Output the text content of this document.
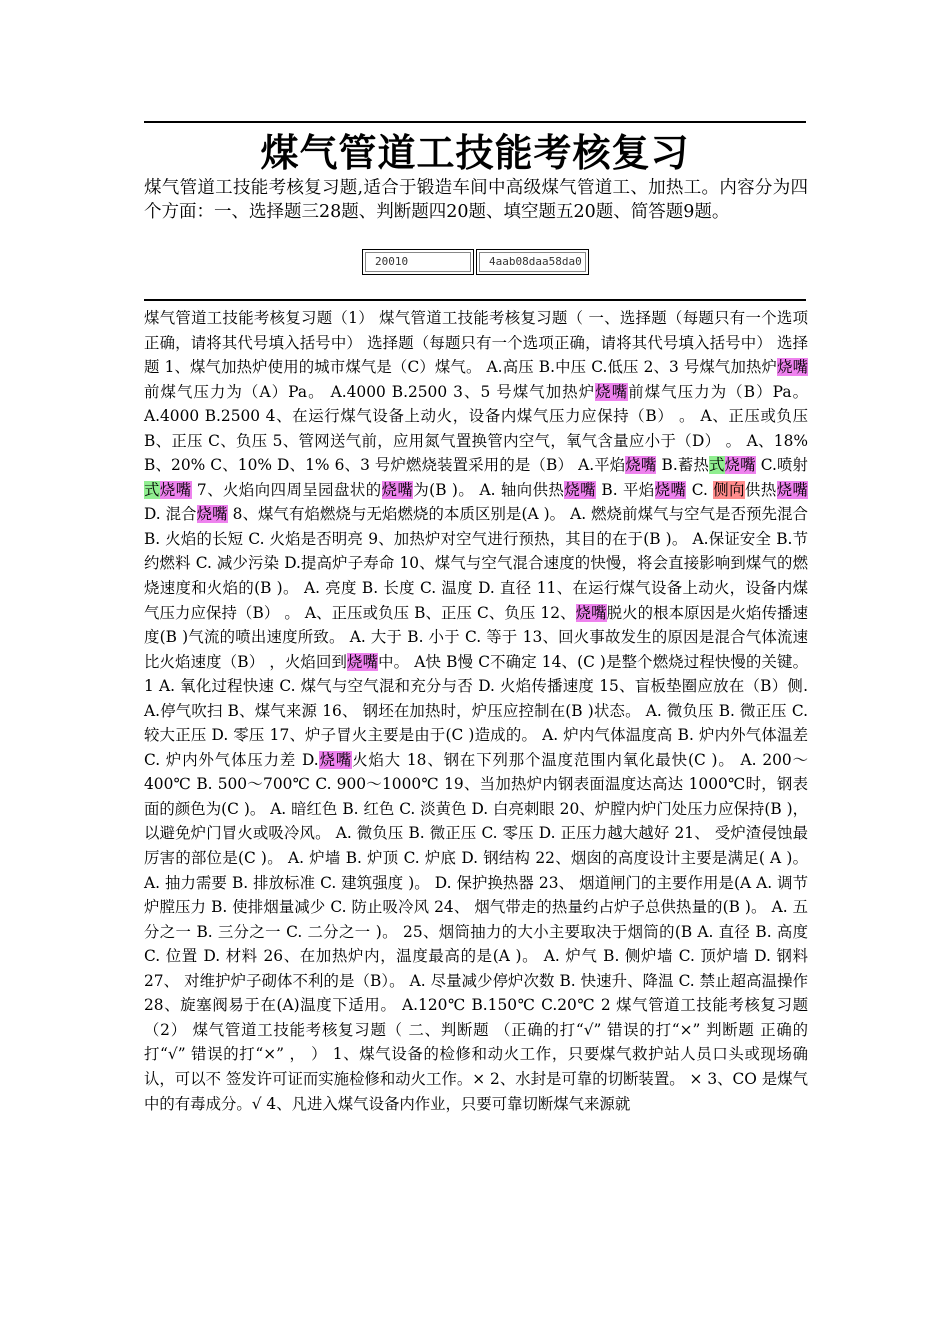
煤气管道工技能考核复习
煤气管道工技能考核复习题,适合于锻造车间中高级煤气管道工、加热工。内容分为四个方面：一、选择题三28题、判断题四20题、填空题五20题、简答题9题。
20010	4aab08daa58da0
煤气管道工技能考核复习题（1） 煤气管道工技能考核复习题（ 一、选择题（每题只有一个选项正确，请将其代号填入括号中） 选择题（每题只有一个选项正确，请将其代号填入括号中） 选择题 1、煤气加热炉使用的城市煤气是（C）煤气。 A.高压 B.中压 C.低压 2、3 号煤气加热炉烧嘴前煤气压力为（A）Pa。 A.4000 B.2500 3、5 号煤气加热炉烧嘴前煤气压力为（B）Pa。 A.4000 B.2500 4、在运行煤气设备上动火，设备内煤气压力应保持（B） 。 A、正压或负压 B、正压 C、负压 5、管网送气前，应用氮气置换管内空气，氧气含量应小于（D） 。 A、18% B、20% C、10% D、1% 6、3 号炉燃烧装置采用的是（B） A.平焰烧嘴 B.蓄热式烧嘴 C.喷射式烧嘴 7、火焰向四周呈园盘状的烧嘴为(B )。 A. 轴向供热烧嘴 B. 平焰烧嘴 C. 侧向供热烧嘴 D. 混合烧嘴 8、煤气有焰燃烧与无焰燃烧的本质区别是(A )。 A. 燃烧前煤气与空气是否预先混合 B. 火焰的长短 C. 火焰是否明亮 9、加热炉对空气进行预热，其目的在于(B )。 A.保证安全 B.节约燃料 C. 减少污染 D.提高炉子寿命 10、煤气与空气混合速度的快慢，将会直接影响到煤气的燃烧速度和火焰的(B )。 A. 亮度 B. 长度 C. 温度 D. 直径 11、在运行煤气设备上动火，设备内煤气压力应保持（B） 。 A、正压或负压 B、正压 C、负压 12、烧嘴脱火的根本原因是火焰传播速度(B )气流的喷出速度所致。 A. 大于 B. 小于 C. 等于 13、回火事故发生的原因是混合气体流速比火焰速度（B） ，火焰回到烧嘴中。 A快 B慢 C不确定 14、(C )是整个燃烧过程快慢的关键。 1 A. 氧化过程快速 C. 煤气与空气混和充分与否 D. 火焰传播速度 15、盲板垫圈应放在（B）侧. A.停气吹扫 B、煤气来源 16、 钢坯在加热时，炉压应控制在(B )状态。 A. 微负压 B. 微正压 C. 较大正压 D. 零压 17、炉子冒火主要是由于(C )造成的。 A. 炉内气体温度高 B. 炉内外气体温差 C. 炉内外气体压力差 D.烧嘴火焰大 18、钢在下列那个温度范围内氧化最快(C )。 A. 200～400℃ B. 500～700℃ C. 900～1000℃ 19、当加热炉内钢表面温度达高达 1000℃时，钢表面的颜色为(C )。 A. 暗红色 B. 红色 C. 淡黄色 D. 白亮刺眼 20、炉膛内炉门处压力应保持(B )，以避免炉门冒火或吸冷风。 A. 微负压 B. 微正压 C. 零压 D. 正压力越大越好 21、 受炉渣侵蚀最厉害的部位是(C )。 A. 炉墙 B. 炉顶 C. 炉底 D. 钢结构 22、烟囱的高度设计主要是满足( A )。 A. 抽力需要 B. 排放标准 C. 建筑强度 )。 D. 保护换热器 23、 烟道闸门的主要作用是(A A. 调节炉膛压力 B. 使排烟量减少 C. 防止吸冷风 24、 烟气带走的热量约占炉子总供热量的(B )。 A. 五分之一 B. 三分之一 C. 二分之一 )。 25、烟筒抽力的大小主要取决于烟筒的(B A. 直径 B. 高度 C. 位置 D. 材料 26、在加热炉内，温度最高的是(A )。 A. 炉气 B. 侧炉墙 C. 顶炉墙 D. 钢料 27、 对维护炉子砌体不利的是（B）。 A. 尽量减少停炉次数 B. 快速升、降温 C. 禁止超高温操作 28、旋塞阀易于在(A)温度下适用。 A.120℃ B.150℃ C.20℃ 2 煤气管道工技能考核复习题（2） 煤气管道工技能考核复习题（ 二、判断题 （正确的打“√” 错误的打“×” 判断题 正确的打“√” 错误的打“×” ， ） 1、煤气设备的检修和动火工作，只要煤气救护站人员口头或现场确认，可以不 签发许可证而实施检修和动火工作。× 2、水封是可靠的切断装置。 × 3、CO 是煤气中的有毒成分。√ 4、凡进入煤气设备内作业，只要可靠切断煤气来源就
